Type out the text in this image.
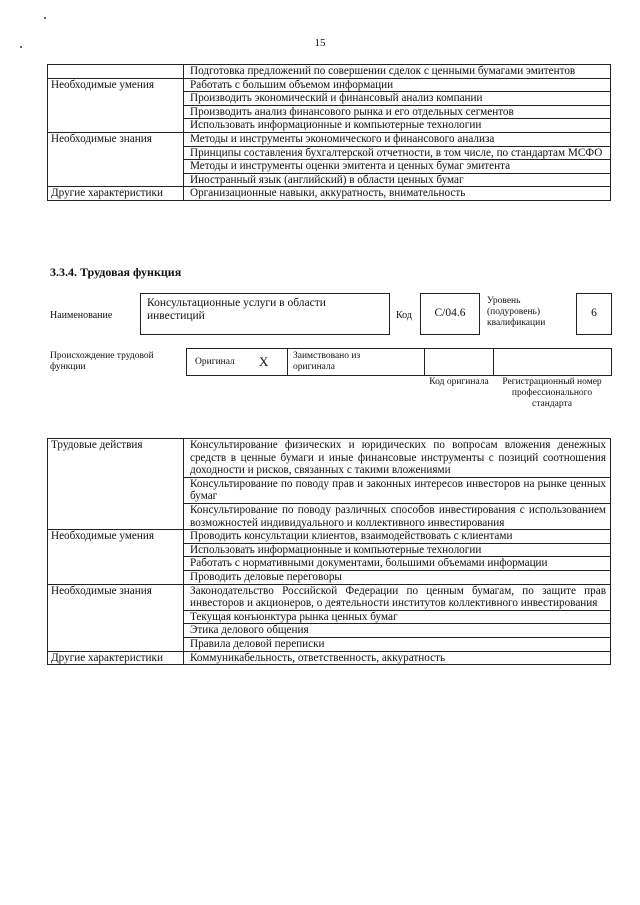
15
	Подготовка предложений по совершении сделок с ценными бумагами эмитентов
Необходимые умения	Работать с большим объемом информации
	Производить экономический и финансовый анализ компании
	Производить анализ финансового рынка и его отдельных сегментов
	Использовать информационные и компьютерные технологии
Необходимые знания	Методы и инструменты экономического и финансового анализа
	Принципы составления бухгалтерской отчетности, в том числе, по стандартам МСФО
	Методы и инструменты оценки эмитента и ценных бумаг эмитента
	Иностранный язык (английский) в области ценных бумаг
Другие характеристики	Организационные навыки, аккуратность, внимательность
3.3.4. Трудовая функция
Наименование
Консультационные услуги в области инвестиций	Код	С/04.6
Уровень (подуровень) квалификации
6
Происхождение трудовой функции	Оригинал X	Заимствовано из оригинала
Код оригинала	Регистрационный номер профессионального стандарта
Трудовые действия	Консультирование физических и юридических по вопросам вложения денежных средств в ценные бумаги и иные финансовые инструменты с позиций соотношения доходности и рисков, связанных с такими вложениями
	Консультирование по поводу прав и законных интересов инвесторов на рынке ценных бумаг
	Консультирование по поводу различных способов инвестирования с использованием возможностей индивидуального и коллективного инвестирования
Необходимые умения	Проводить консультации клиентов, взаимодействовать с клиентами
	Использовать информационные и компьютерные технологии
	Работать с нормативными документами, большими объемами информации
	Проводить деловые переговоры
Необходимые знания	Законодательство Российской Федерации по ценным бумагам, по защите прав инвесторов и акционеров, о деятельности институтов коллективного инвестирования
	Текущая конъюнктура рынка ценных бумаг
	Этика делового общения
	Правила деловой переписки
Другие характеристики	Коммуникабельность, ответственность, аккуратность
